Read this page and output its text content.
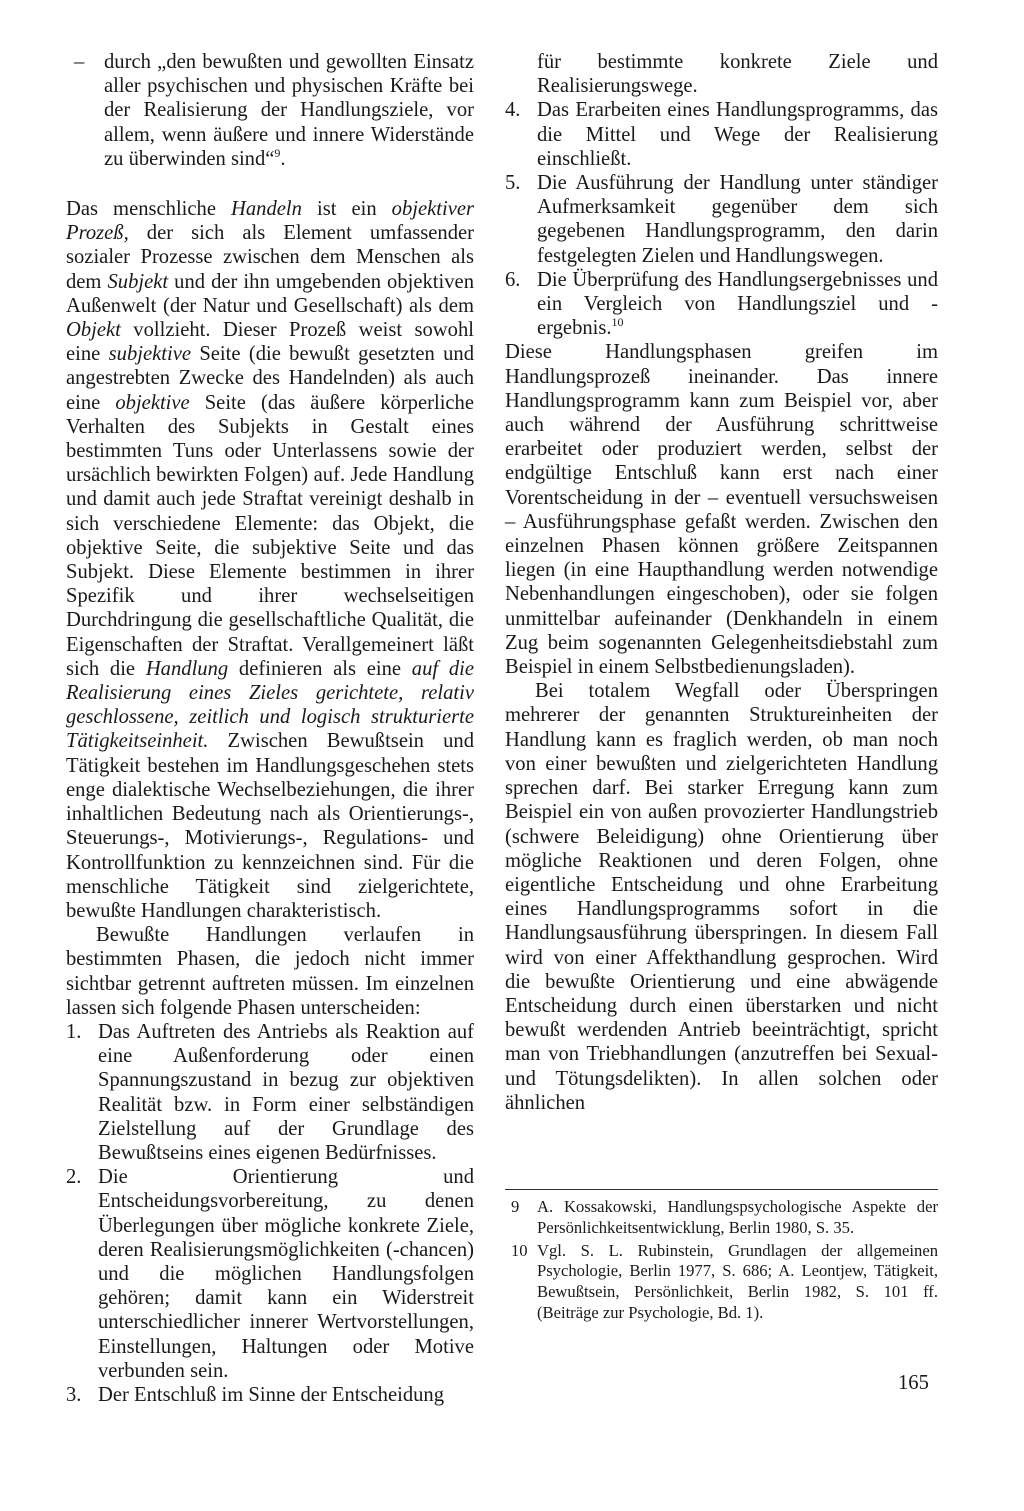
– durch „den bewußten und gewollten Einsatz aller psychischen und physischen Kräfte bei der Realisierung der Handlungsziele, vor allem, wenn äußere und innere Widerstände zu überwinden sind“$^9$.

Das menschliche Handeln ist ein objektiver Prozeß, der sich als Element umfassender sozialer Prozesse zwischen dem Menschen als dem Subjekt und der ihn umgebenden objektiven Außenwelt (der Natur und Gesellschaft) als dem Objekt vollzieht. Dieser Prozeß weist sowohl eine subjektive Seite (die bewußt gesetzten und angestrebten Zwecke des Handelnden) als auch eine objektive Seite (das äußere körperliche Verhalten des Subjekts in Gestalt eines bestimmten Tuns oder Unterlassens sowie der ursächlich bewirkten Folgen) auf. Jede Handlung und damit auch jede Straftat vereinigt deshalb in sich verschiedene Elemente: das Objekt, die objektive Seite, die subjektive Seite und das Subjekt. Diese Elemente bestimmen in ihrer Spezifik und ihrer wechselseitigen Durchdringung die gesellschaftliche Qualität, die Eigenschaften der Straftat. Verallgemeinert läßt sich die Handlung definieren als eine auf die Realisierung eines Zieles gerichtete, relativ geschlossene, zeitlich und logisch strukturierte Tätigkeitseinheit. Zwischen Bewußtsein und Tätigkeit bestehen im Handlungsgeschehen stets enge dialektische Wechselbeziehungen, die ihrer inhaltlichen Bedeutung nach als Orientierungs-, Steuerungs-, Motivierungs-, Regulations- und Kontrollfunktion zu kennzeichnen sind. Für die menschliche Tätigkeit sind zielgerichtete, bewußte Handlungen charakteristisch.

Bewußte Handlungen verlaufen in bestimmten Phasen, die jedoch nicht immer sichtbar getrennt auftreten müssen. Im einzelnen lassen sich folgende Phasen unterscheiden:

1. Das Auftreten des Antriebs als Reaktion auf eine Außenforderung oder einen Spannungszustand in bezug zur objektiven Realität bzw. in Form einer selbständigen Zielstellung auf der Grundlage des Bewußtseins eines eigenen Bedürfnisses.
2. Die Orientierung und Entscheidungsvorbereitung, zu denen Überlegungen über mögliche konkrete Ziele, deren Realisierungsmöglichkeiten (-chancen) und die möglichen Handlungsfolgen gehören; damit kann ein Widerstreit unterschiedlicher innerer Wertvorstellungen, Einstellungen, Haltungen oder Motive verbunden sein.
3. Der Entschluß im Sinne der Entscheidung

für bestimmte konkrete Ziele und Realisierungswege.

4. Das Erarbeiten eines Handlungsprogramms, das die Mittel und Wege der Realisierung einschließt.
5. Die Ausführung der Handlung unter ständiger Aufmerksamkeit gegenüber dem sich gegebenen Handlungsprogramm, den darin festgelegten Zielen und Handlungswegen.
6. Die Überprüfung des Handlungsergebnisses und ein Vergleich von Handlungsziel und -ergebnis.$^{10}$

Diese Handlungsphasen greifen im Handlungsprozeß ineinander. Das innere Handlungsprogramm kann zum Beispiel vor, aber auch während der Ausführung schrittweise erarbeitet oder produziert werden, selbst der endgültige Entschluß kann erst nach einer Vorentscheidung in der – eventuell versuchsweisen – Ausführungsphase gefaßt werden. Zwischen den einzelnen Phasen können größere Zeitspannen liegen (in eine Haupthandlung werden notwendige Nebenhandlungen eingeschoben), oder sie folgen unmittelbar aufeinander (Denkhandeln in einem Zug beim sogenannten Gelegenheitsdiebstahl zum Beispiel in einem Selbstbedienungsladen).

Bei totalem Wegfall oder Überspringen mehrerer der genannten Struktureinheiten der Handlung kann es fraglich werden, ob man noch von einer bewußten und zielgerichteten Handlung sprechen darf. Bei starker Erregung kann zum Beispiel ein von außen provozierter Handlungstrieb (schwere Beleidigung) ohne Orientierung über mögliche Reaktionen und deren Folgen, ohne eigentliche Entscheidung und ohne Erarbeitung eines Handlungsprogramms sofort in die Handlungsausführung überspringen. In diesem Fall wird von einer Affekthandlung gesprochen. Wird die bewußte Orientierung und eine abwägende Entscheidung durch einen überstarken und nicht bewußt werdenden Antrieb beeinträchtigt, spricht man von Triebhandlungen (anzutreffen bei Sexual- und Tötungsdelikten). In allen solchen oder ähnlichen

9	A. Kossakowski, Handlungspsychologische Aspekte der Persönlichkeitsentwicklung, Berlin 1980, S. 35.
10 Vgl. S. L. Rubinstein, Grundlagen der allgemeinen Psychologie, Berlin 1977, S. 686; A. Leontjew, Tätigkeit, Bewußtsein, Persönlichkeit, Berlin 1982, S. 101 ff. (Beiträge zur Psychologie, Bd. 1).
165
